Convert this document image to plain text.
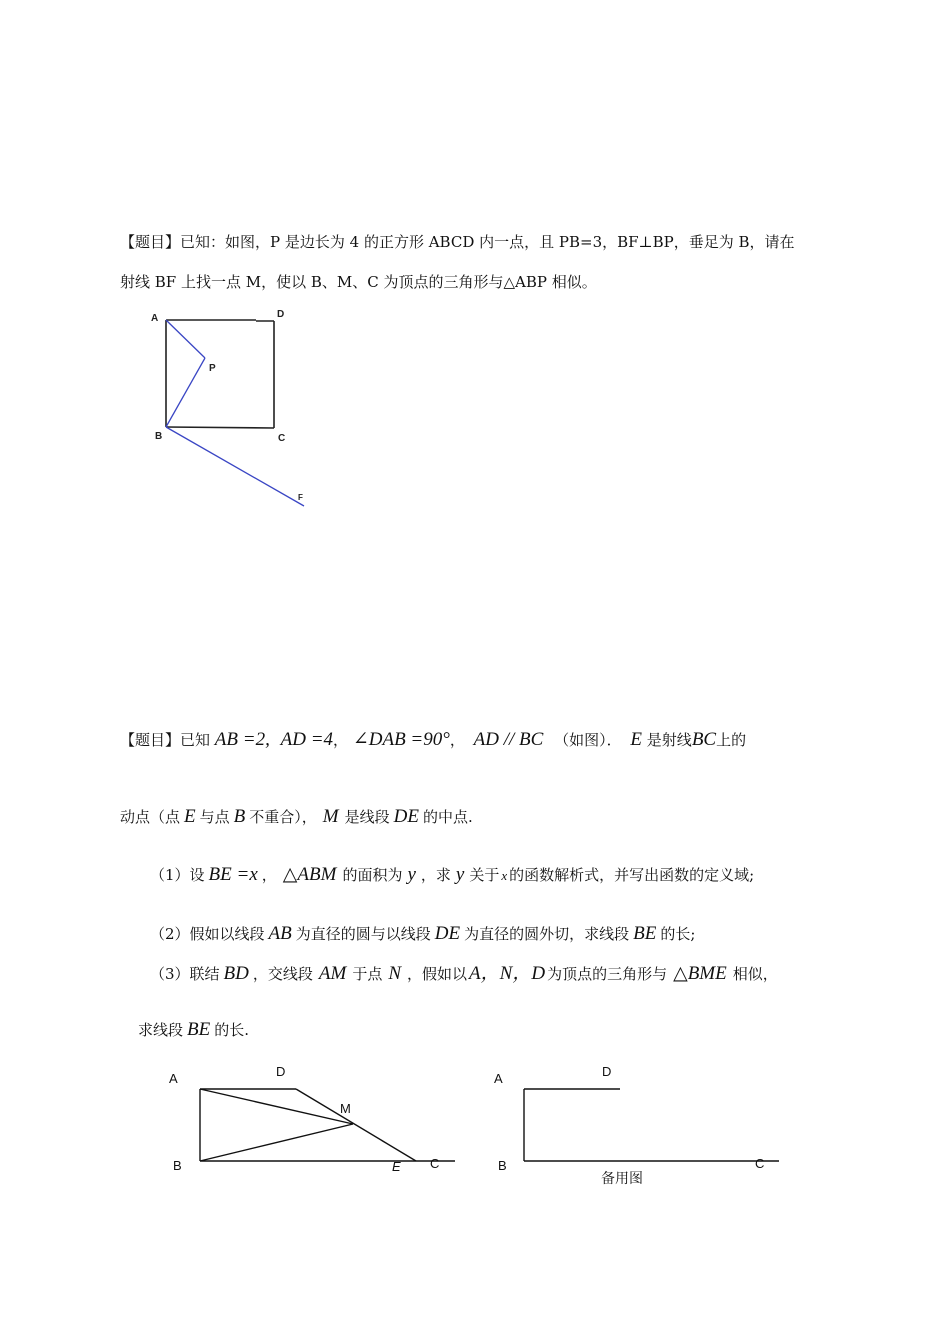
【题目】已知：如图，P 是边长为 4 的正方形 ABCD 内一点，且 PB=3，BF⊥BP，垂足为 B，请在
射线 BF 上找一点 M，使以 B、M、C 为顶点的三角形与△ABP 相似。
A	D
P
B	C
F
【题目】已知 AB =2, AD =4， ∠DAB =90°， AD // BC （如图）． E 是射线BC上的
动点（点 E 与点 B 不重合）， M 是线段 DE 的中点.
（1）设 BE =x ， △ABM 的面积为 y ，求 y 关于 x 的函数解析式，并写出函数的定义域;
（2）假如以线段 AB 为直径的圆与以线段 DE 为直径的圆外切，求线段 BE 的长;
（3）联结 BD ，交线段 AM 于点 N ，假如以 A，N，D 为顶点的三角形与 △BME 相似，
求线段 BE 的长.
A	D
M
B	E C
A	D
B	C
备用图
